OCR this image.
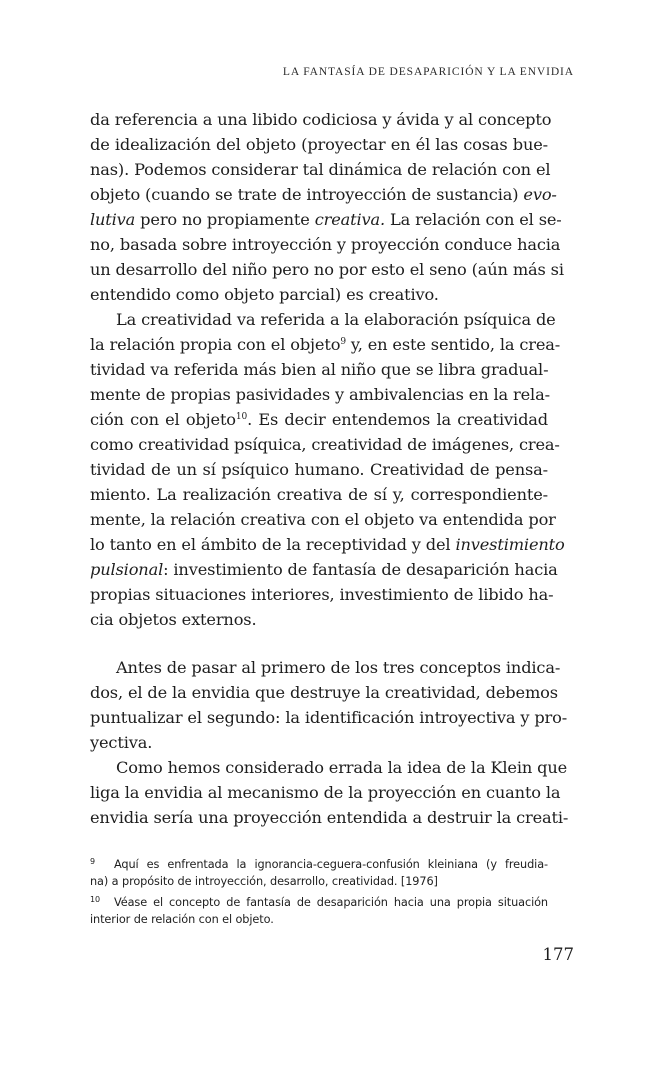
LA FANTASÍA DE DESAPARICIÓN Y LA ENVIDIA
da referencia a una libido codiciosa y ávida y al concepto
de idealización del objeto (proyectar en él las cosas bue-
nas). Podemos considerar tal dinámica de relación con el
objeto (cuando se trate de introyección de sustancia) evo-
lutiva pero no propiamente creativa. La relación con el se-
no, basada sobre introyección y proyección conduce hacia
un desarrollo del niño pero no por esto el seno (aún más si
entendido como objeto parcial) es creativo.
La creatividad va referida a la elaboración psíquica de
la relación propia con el objeto$^9$ y, en este sentido, la crea-
tividad va referida más bien al niño que se libra gradual-
mente de propias pasividades y ambivalencias en la rela-
ción con el objeto$^{10}$. Es decir entendemos la creatividad
como creatividad psíquica, creatividad de imágenes, crea-
tividad de un sí psíquico humano. Creatividad de pensa-
miento. La realización creativa de sí y, correspondiente-
mente, la relación creativa con el objeto va entendida por
lo tanto en el ámbito de la receptividad y del investimiento
pulsional: investimiento de fantasía de desaparición hacia
propias situaciones interiores, investimiento de libido ha-
cia objetos externos.
Antes de pasar al primero de los tres conceptos indica-
dos, el de la envidia que destruye la creatividad, debemos
puntualizar el segundo: la identificación introyectiva y pro-
yectiva.
Como hemos considerado errada la idea de la Klein que
liga la envidia al mecanismo de la proyección en cuanto la
envidia sería una proyección entendida a destruir la creati-
9 Aquí es enfrentada la ignorancia-ceguera-confusión kleiniana (y freudia-
na) a propósito de introyección, desarrollo, creatividad. [1976]
10 Véase el concepto de fantasía de desaparición hacia una propia situación
interior de relación con el objeto.
177
